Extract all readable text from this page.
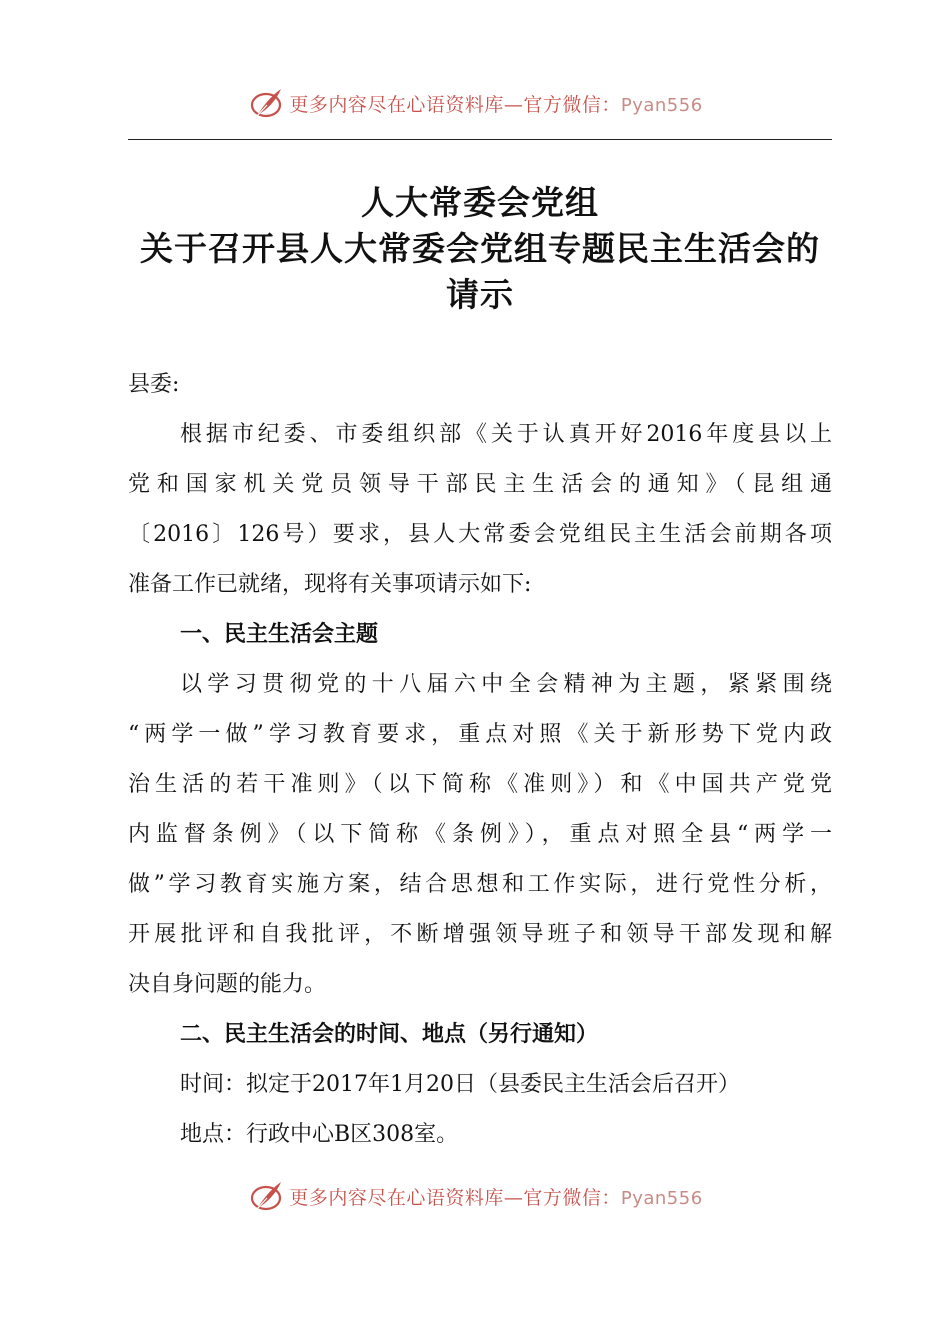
更多内容尽在心语资料库—官方微信：Pyan556
人大常委会党组
关于召开县人大常委会党组专题民主生活会的
请示
县委:
根据市纪委、市委组织部《关于认真开好2016年度县以上
党和国家机关党员领导干部民主生活会的通知》（昆组通
〔2016〕126号）要求，县人大常委会党组民主生活会前期各项
准备工作已就绪，现将有关事项请示如下:
一、民主生活会主题
以学习贯彻党的十八届六中全会精神为主题，紧紧围绕
“两学一做”学习教育要求，重点对照《关于新形势下党内政
治生活的若干准则》（以下简称《准则》）和《中国共产党党
内监督条例》（以下简称《条例》），重点对照全县“两学一
做”学习教育实施方案，结合思想和工作实际，进行党性分析，
开展批评和自我批评，不断增强领导班子和领导干部发现和解
决自身问题的能力。
二、民主生活会的时间、地点（另行通知）
时间：拟定于2017年1月20日（县委民主生活会后召开）
地点：行政中心B区308室。
更多内容尽在心语资料库—官方微信：Pyan556
